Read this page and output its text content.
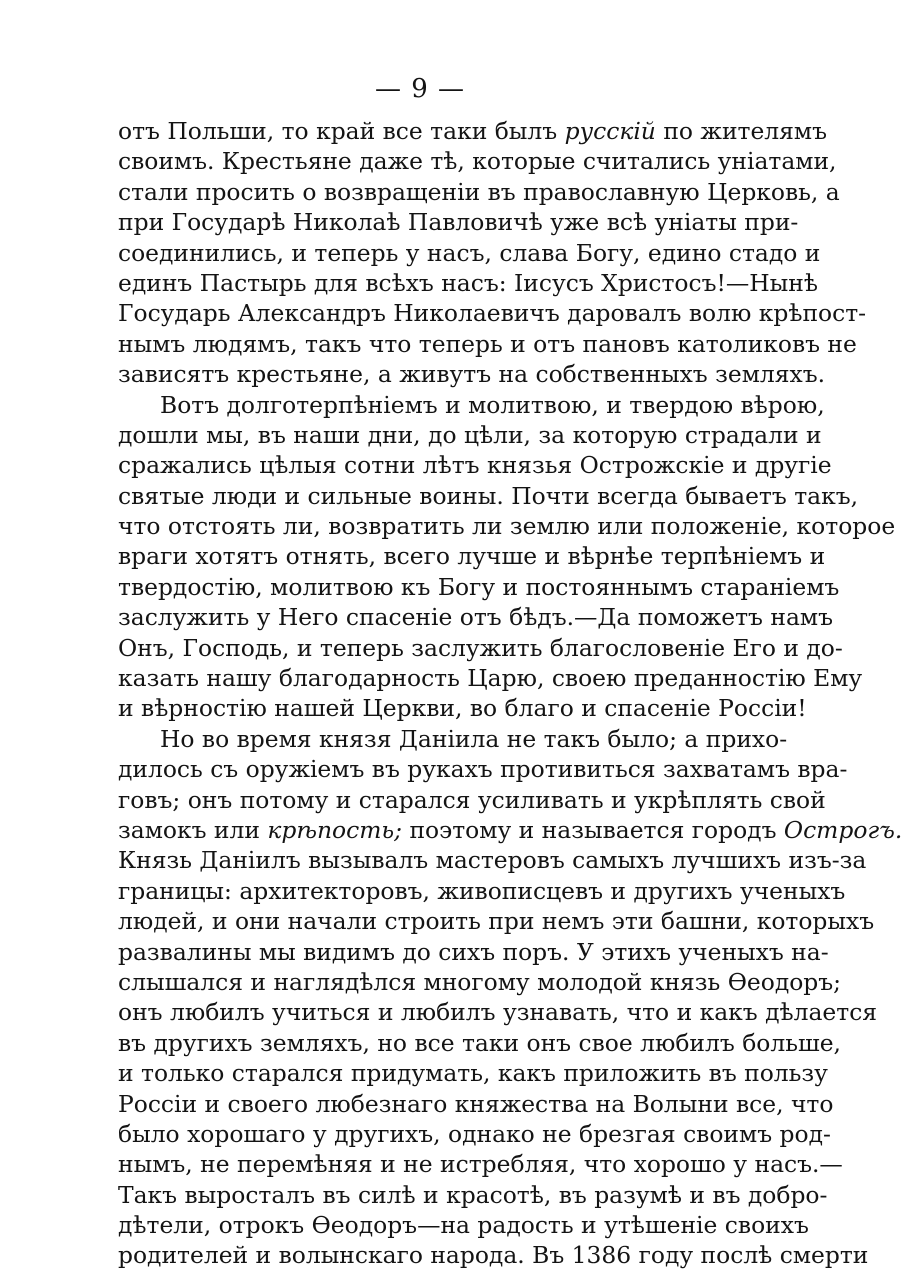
— 9 —
отъ Польши, то край все таки былъ русскій по жителямъ
своимъ. Крестьяне даже тѣ, которые считались уніатами,
стали просить о возвращеніи въ православную Церковь, а
при Государѣ Николаѣ Павловичѣ уже всѣ уніаты при-
соединились, и теперь у насъ, слава Богу, едино стадо и
единъ Пастырь для всѣхъ насъ: Іисусъ Христосъ!—Нынѣ
Государь Александръ Николаевичъ даровалъ волю крѣпост-
нымъ людямъ, такъ что теперь и отъ пановъ католиковъ не
зависятъ крестьяне, а живутъ на собственныхъ земляхъ.
Вотъ долготерпѣніемъ и молитвою, и твердою вѣрою,
дошли мы, въ наши дни, до цѣли, за которую страдали и
сражались цѣлыя сотни лѣтъ князья Острожскіе и другіе
святые люди и сильные воины. Почти всегда бываетъ такъ,
что отстоять ли, возвратить ли землю или положеніе, которое
враги хотятъ отнять, всего лучше и вѣрнѣе терпѣніемъ и
твердостію, молитвою къ Богу и постояннымъ стараніемъ
заслужить у Него спасеніе отъ бѣдъ.—Да поможетъ намъ
Онъ, Господь, и теперь заслужить благословеніе Его и до-
казать нашу благодарность Царю, своею преданностію Ему
и вѣрностію нашей Церкви, во благо и спасеніе Россіи!
Но во время князя Даніила не такъ было; а прихо-
дилось съ оружіемъ въ рукахъ противиться захватамъ вра-
говъ; онъ потому и старался усиливать и укрѣплять свой
замокъ или крѣпость; поэтому и называется городъ Острогъ.
Князь Даніилъ вызывалъ мастеровъ самыхъ лучшихъ изъ-за
границы: архитекторовъ, живописцевъ и другихъ ученыхъ
людей, и они начали строить при немъ эти башни, которыхъ
развалины мы видимъ до сихъ поръ. У этихъ ученыхъ на-
слышался и наглядѣлся многому молодой князь Ѳеодоръ;
онъ любилъ учиться и любилъ узнавать, что и какъ дѣлается
въ другихъ земляхъ, но все таки онъ свое любилъ больше,
и только старался придумать, какъ приложить въ пользу
Россіи и своего любезнаго княжества на Волыни все, что
было хорошаго у другихъ, однако не брезгая своимъ род-
нымъ, не перемѣняя и не истребляя, что хорошо у насъ.—
Такъ выросталъ въ силѣ и красотѣ, въ разумѣ и въ добро-
дѣтели, отрокъ Ѳеодоръ—на радость и утѣшеніе своихъ
родителей и волынскаго народа. Въ 1386 году послѣ смерти
